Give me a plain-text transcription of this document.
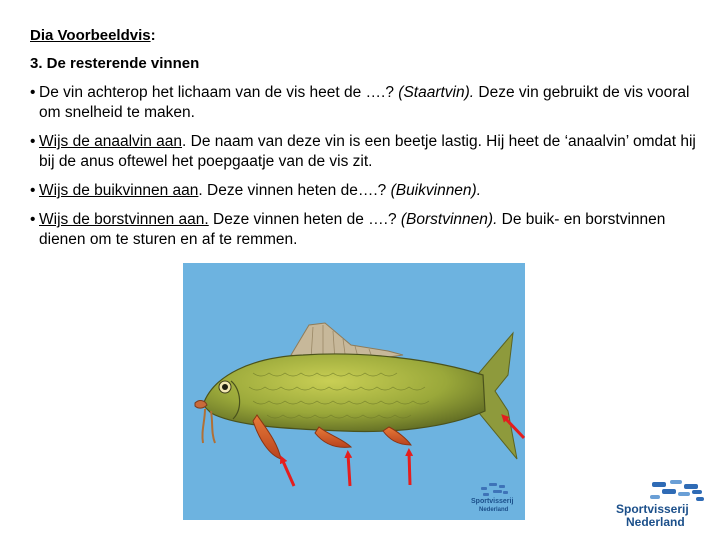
Dia Voorbeeldvis:
3. De resterende vinnen
• De vin achterop het lichaam van de vis heet de ….? (Staartvin). Deze vin gebruikt de vis vooral om snelheid te maken.
• Wijs de anaalvin aan. De naam van deze vin is een beetje lastig. Hij heet de ‘anaalvin’ omdat hij bij de anus oftewel het poepgaatje van de vis zit.
• Wijs de buikvinnen aan. Deze vinnen heten de….? (Buikvinnen).
• Wijs de borstvinnen aan. Deze vinnen heten de ….? (Borstvinnen). De buik- en borstvinnen dienen om te sturen en af te remmen.
Sportvisserij
Nederland	Sportvisserij
Nederland
